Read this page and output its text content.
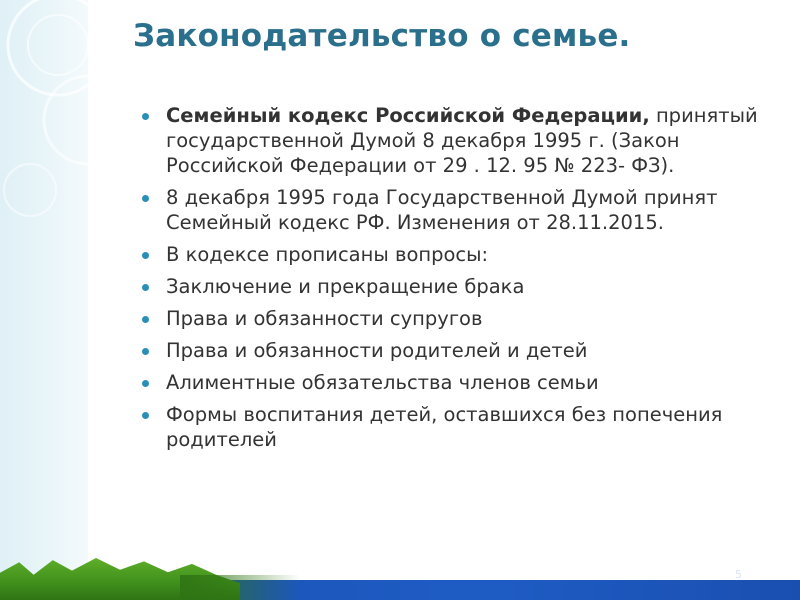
Законодательство о семье.
Семейный кодекс Российской Федерации, принятый государственной Думой 8 декабря 1995 г. (Закон Российской Федерации от 29 . 12. 95 № 223- ФЗ).
8 декабря 1995 года Государственной Думой принят Семейный кодекс РФ. Изменения от 28.11.2015.
В кодексе прописаны вопросы:
Заключение и прекращение брака
Права и обязанности супругов
Права и обязанности родителей и детей
Алиментные обязательства членов семьи
Формы воспитания детей, оставшихся без попечения родителей
5
